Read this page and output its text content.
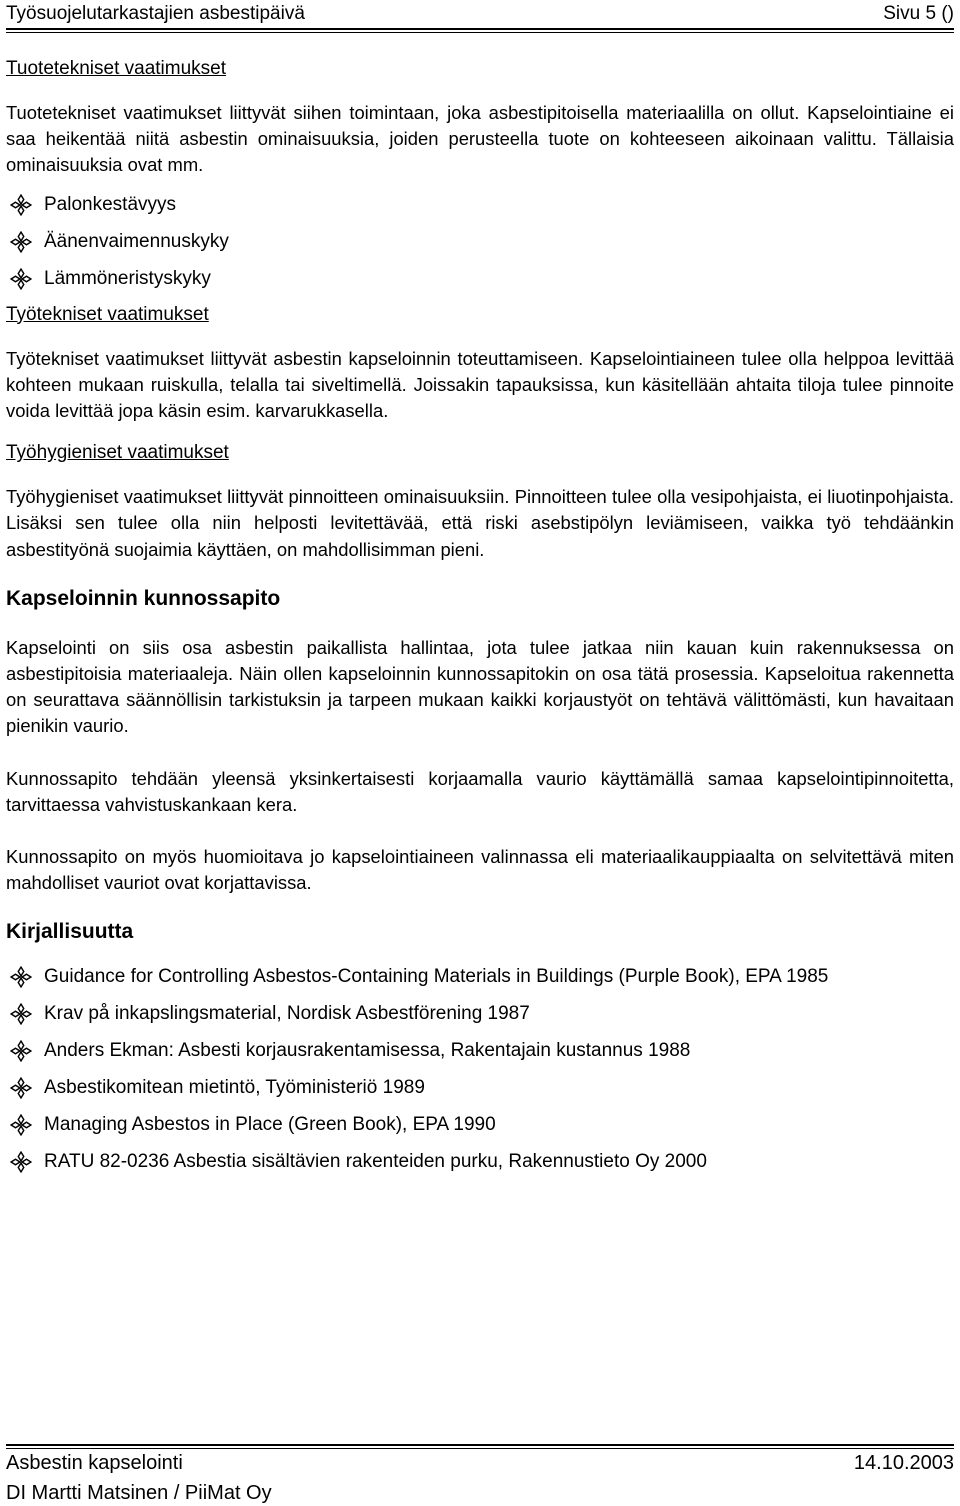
Työsuojelutarkastajien asbestipäivä	Sivu 5 ()

Tuotetekniset vaatimukset

Tuotetekniset vaatimukset liittyvät siihen toimintaan, joka asbestipitoisella materiaalilla on ollut. Kapselointiaine ei saa heikentää niitä asbestin ominaisuuksia, joiden perusteella tuote on kohteeseen aikoinaan valittu. Tällaisia ominaisuuksia ovat mm.

Palonkestävyys
Äänenvaimennuskyky
Lämmöneristyskyky

Työtekniset vaatimukset

Työtekniset vaatimukset liittyvät asbestin kapseloinnin toteuttamiseen. Kapselointiaineen tulee olla helppoa levittää kohteen mukaan ruiskulla, telalla tai siveltimellä. Joissakin tapauksissa, kun käsitellään ahtaita tiloja tulee pinnoite voida levittää jopa käsin esim. karvarukkasella.

Työhygieniset vaatimukset

Työhygieniset vaatimukset liittyvät pinnoitteen ominaisuuksiin. Pinnoitteen tulee olla vesipohjaista, ei liuotinpohjaista. Lisäksi sen tulee olla niin helposti levitettävää, että riski asebstipölyn leviämiseen, vaikka työ tehdäänkin asbestityönä suojaimia käyttäen, on mahdollisimman pieni.

Kapseloinnin kunnossapito

Kapselointi on siis osa asbestin paikallista hallintaa, jota tulee jatkaa niin kauan kuin rakennuksessa on asbestipitoisia materiaaleja. Näin ollen kapseloinnin kunnossapitokin on osa tätä prosessia. Kapseloitua rakennetta on seurattava säännöllisin tarkistuksin ja tarpeen mukaan kaikki korjaustyöt on tehtävä välittömästi, kun havaitaan pienikin vaurio.

Kunnossapito tehdään yleensä yksinkertaisesti korjaamalla vaurio käyttämällä samaa kapselointipinnoitetta, tarvittaessa vahvistuskankaan kera.

Kunnossapito on myös huomioitava jo kapselointiaineen valinnassa eli materiaalikauppiaalta on selvitettävä miten mahdolliset vauriot ovat korjattavissa.

Kirjallisuutta

Guidance for Controlling Asbestos-Containing Materials in Buildings (Purple Book), EPA 1985
Krav på inkapslingsmaterial, Nordisk Asbestförening 1987
Anders Ekman: Asbesti korjausrakentamisessa, Rakentajain kustannus 1988
Asbestikomitean mietintö, Työministeriö 1989
Managing Asbestos in Place (Green Book), EPA 1990
RATU 82-0236 Asbestia sisältävien rakenteiden purku, Rakennustieto Oy 2000
Asbestin kapselointi	14.10.2003
DI Martti Matsinen / PiiMat Oy
